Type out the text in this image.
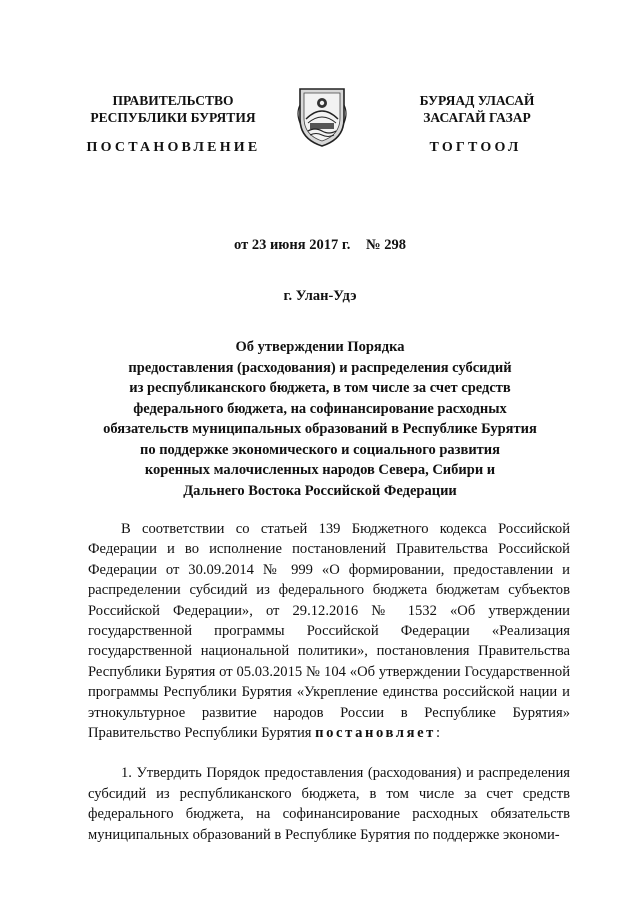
ПРАВИТЕЛЬСТВО
РЕСПУБЛИКИ БУРЯТИЯ
БУРЯАД УЛАСАЙ
ЗАСАГАЙ ГАЗАР
ПОСТАНОВЛЕНИЕ	ТОГТООЛ
от 23 июня 2017 г. № 298
г. Улан-Удэ
Об утверждении Порядка
предоставления (расходования) и распределения субсидий
из республиканского бюджета, в том числе за счет средств
федерального бюджета, на софинансирование расходных
обязательств муниципальных образований в Республике Бурятия
по поддержке экономического и социального развития
коренных малочисленных народов Севера, Сибири и
Дальнего Востока Российской Федерации

В соответствии со статьей 139 Бюджетного кодекса Российской Федерации и во исполнение постановлений Правительства Российской Федерации от 30.09.2014 № 999 «О формировании, предоставлении и распределении субсидий из федерального бюджета бюджетам субъектов Российской Федерации», от 29.12.2016 № 1532 «Об утверждении государственной программы Российской Федерации «Реализация государственной национальной политики», постановления Правительства Республики Бурятия от 05.03.2015 № 104 «Об утверждении Государственной программы Республики Бурятия «Укрепление единства российской нации и этнокультурное развитие народов России в Республике Бурятия» Правительство Республики Бурятия постановляет:

1. Утвердить Порядок предоставления (расходования) и распределения субсидий из республиканского бюджета, в том числе за счет средств федерального бюджета, на софинансирование расходных обязательств муниципальных образований в Республике Бурятия по поддержке экономи-
